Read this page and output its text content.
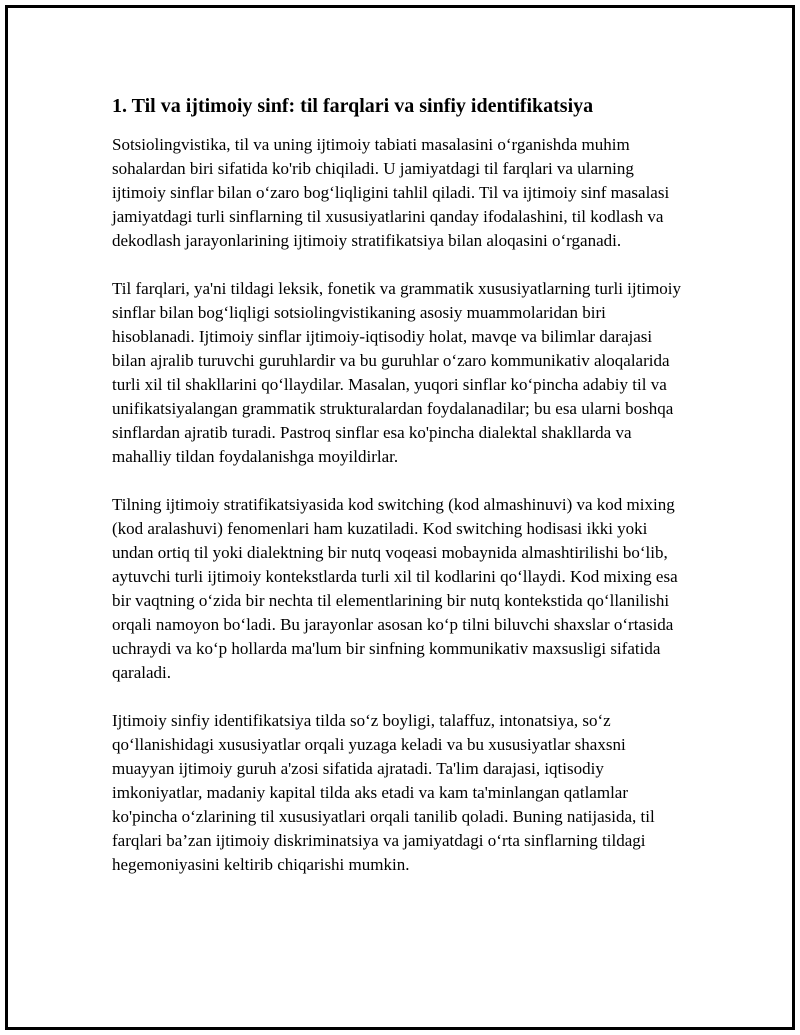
1. Til va ijtimoiy sinf: til farqlari va sinfiy identifikatsiya

Sotsiolingvistika, til va uning ijtimoiy tabiati masalasini o‘rganishda muhim sohalardan biri sifatida ko'rib chiqiladi. U jamiyatdagi til farqlari va ularning ijtimoiy sinflar bilan o‘zaro bog‘liqligini tahlil qiladi. Til va ijtimoiy sinf masalasi jamiyatdagi turli sinflarning til xususiyatlarini qanday ifodalashini, til kodlash va dekodlash jarayonlarining ijtimoiy stratifikatsiya bilan aloqasini o‘rganadi.

Til farqlari, ya'ni tildagi leksik, fonetik va grammatik xususiyatlarning turli ijtimoiy sinflar bilan bog‘liqligi sotsiolingvistikaning asosiy muammolaridan biri hisoblanadi. Ijtimoiy sinflar ijtimoiy-iqtisodiy holat, mavqe va bilimlar darajasi bilan ajralib turuvchi guruhlardir va bu guruhlar o‘zaro kommunikativ aloqalarida turli xil til shakllarini qo‘llaydilar. Masalan, yuqori sinflar ko‘pincha adabiy til va unifikatsiyalangan grammatik strukturalardan foydalanadilar; bu esa ularni boshqa sinflardan ajratib turadi. Pastroq sinflar esa ko'pincha dialektal shakllarda va mahalliy tildan foydalanishga moyildirlar.

Tilning ijtimoiy stratifikatsiyasida kod switching (kod almashinuvi) va kod mixing (kod aralashuvi) fenomenlari ham kuzatiladi. Kod switching hodisasi ikki yoki undan ortiq til yoki dialektning bir nutq voqeasi mobaynida almashtirilishi bo‘lib, aytuvchi turli ijtimoiy kontekstlarda turli xil til kodlarini qo‘llaydi. Kod mixing esa bir vaqtning o‘zida bir nechta til elementlarining bir nutq kontekstida qo‘llanilishi orqali namoyon bo‘ladi. Bu jarayonlar asosan ko‘p tilni biluvchi shaxslar o‘rtasida uchraydi va ko‘p hollarda ma'lum bir sinfning kommunikativ maxsusligi sifatida qaraladi.

Ijtimoiy sinfiy identifikatsiya tilda so‘z boyligi, talaffuz, intonatsiya, so‘z qo‘llanishidagi xususiyatlar orqali yuzaga keladi va bu xususiyatlar shaxsni muayyan ijtimoiy guruh a'zosi sifatida ajratadi. Ta'lim darajasi, iqtisodiy imkoniyatlar, madaniy kapital tilda aks etadi va kam ta'minlangan qatlamlar ko'pincha o‘zlarining til xususiyatlari orqali tanilib qoladi. Buning natijasida, til farqlari ba’zan ijtimoiy diskriminatsiya va jamiyatdagi o‘rta sinflarning tildagi hegemoniyasini keltirib chiqarishi mumkin.
